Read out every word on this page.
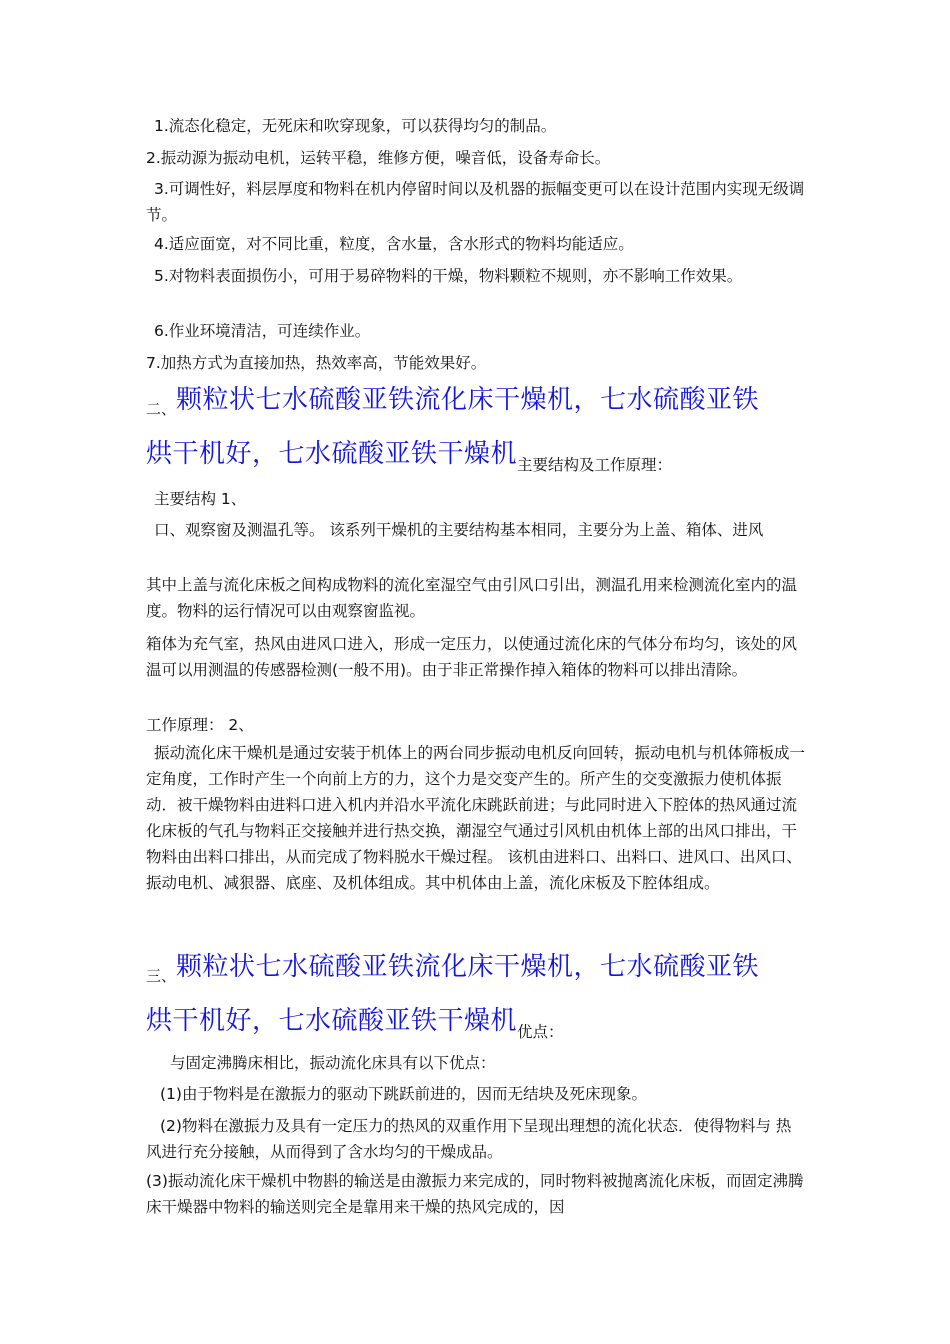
1.流态化稳定，无死床和吹穿现象，可以获得均匀的制品。

2.振动源为振动电机，运转平稳，维修方便，噪音低，设备寿命长。

3.可调性好，料层厚度和物料在机内停留时间以及机器的振幅变更可以在设计范围内实现无级调节。

4.适应面宽，对不同比重，粒度，含水量，含水形式的物料均能适应。

5.对物料表面损伤小，可用于易碎物料的干燥，物料颗粒不规则，亦不影响工作效果。

6.作业环境清洁，可连续作业。

7.加热方式为直接加热，热效率高，节能效果好。

二、颗粒状七水硫酸亚铁流化床干燥机，七水硫酸亚铁
烘干机好，七水硫酸亚铁干燥机主要结构及工作原理：

主要结构 1、

口、观察窗及测温孔等。 该系列干燥机的主要结构基本相同，主要分为上盖、箱体、进风

其中上盖与流化床板之间构成物料的流化室湿空气由引风口引出，测温孔用来检测流化室内的温度。物料的运行情况可以由观察窗监视。

箱体为充气室，热风由进风口进入，形成一定压力，以使通过流化床的气体分布均匀，该处的风温可以用测温的传感器检测(一般不用)。由于非正常操作掉入箱体的物料可以排出清除。

工作原理： 2、

振动流化床干燥机是通过安装于机体上的两台同步振动电机反向回转，振动电机与机体筛板成一定角度，工作时产生一个向前上方的力，这个力是交变产生的。所产生的交变激振力使机体振动．被干燥物料由进料口进入机内并沿水平流化床跳跃前进；与此同时进入下腔体的热风通过流化床板的气孔与物料正交接触并进行热交换，潮湿空气通过引风机由机体上部的出风口排出，干物料由出料口排出，从而完成了物料脱水干燥过程。 该机由进料口、出料口、进风口、出风口、振动电机、减狠器、底座、及机体组成。其中机体由上盖，流化床板及下腔体组成。

三、颗粒状七水硫酸亚铁流化床干燥机，七水硫酸亚铁
烘干机好，七水硫酸亚铁干燥机优点：

与固定沸腾床相比，振动流化床具有以下优点：

(1)由于物料是在激振力的驱动下跳跃前进的，因而无结块及死床现象。

(2)物料在激振力及具有一定压力的热风的双重作用下呈现出理想的流化状态．使得物料与 热风进行充分接触，从而得到了含水均匀的干燥成品。

(3)振动流化床干燥机中物斟的输送是由激振力来完成的，同时物料被抛离流化床板，而固定沸腾床干燥器中物料的输送则完全是靠用来干燥的热风完成的，因
